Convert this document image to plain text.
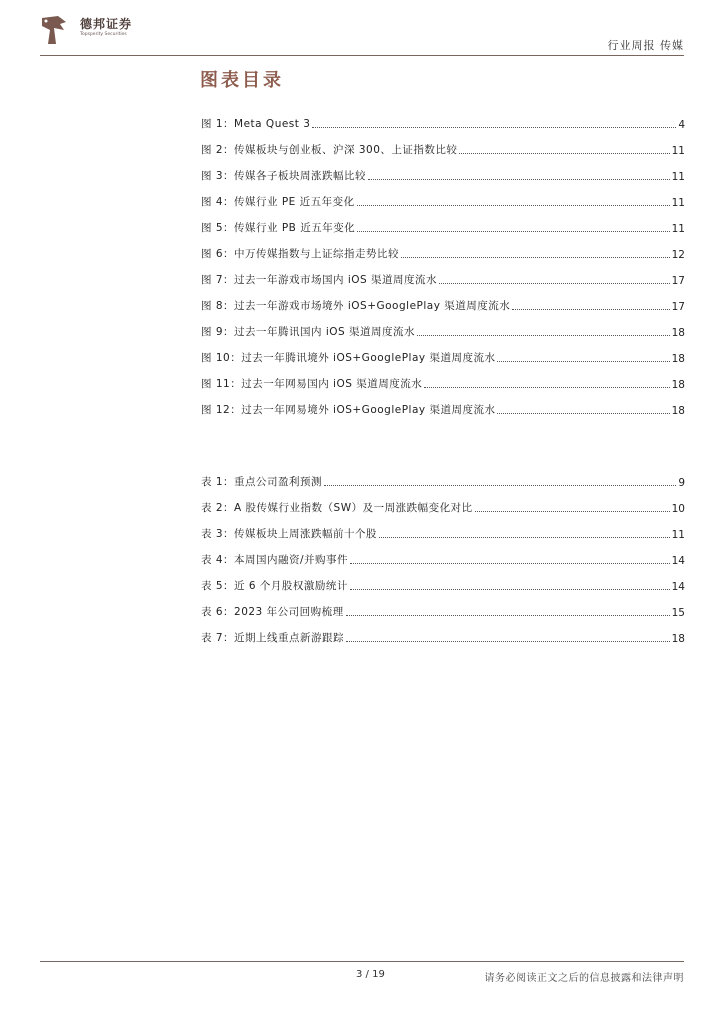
德邦证券
Topsperity Securities
行业周报 传媒
图表目录
图 1：Meta Quest 3	4
图 2：传媒板块与创业板、沪深 300、上证指数比较	11
图 3：传媒各子板块周涨跌幅比较	11
图 4：传媒行业 PE 近五年变化	11
图 5：传媒行业 PB 近五年变化	11
图 6：中万传媒指数与上证综指走势比较	12
图 7：过去一年游戏市场国内 iOS 渠道周度流水	17
图 8：过去一年游戏市场境外 iOS+GooglePlay 渠道周度流水	17
图 9：过去一年腾讯国内 iOS 渠道周度流水	18
图 10：过去一年腾讯境外 iOS+GooglePlay 渠道周度流水	18
图 11：过去一年网易国内 iOS 渠道周度流水	18
图 12：过去一年网易境外 iOS+GooglePlay 渠道周度流水	18
表 1：重点公司盈利预测	9
表 2：A 股传媒行业指数（SW）及一周涨跌幅变化对比	10
表 3：传媒板块上周涨跌幅前十个股	11
表 4：本周国内融资/并购事件	14
表 5：近 6 个月股权激励统计	14
表 6：2023 年公司回购梳理	15
表 7：近期上线重点新游跟踪	18
3 / 19	请务必阅读正文之后的信息披露和法律声明
